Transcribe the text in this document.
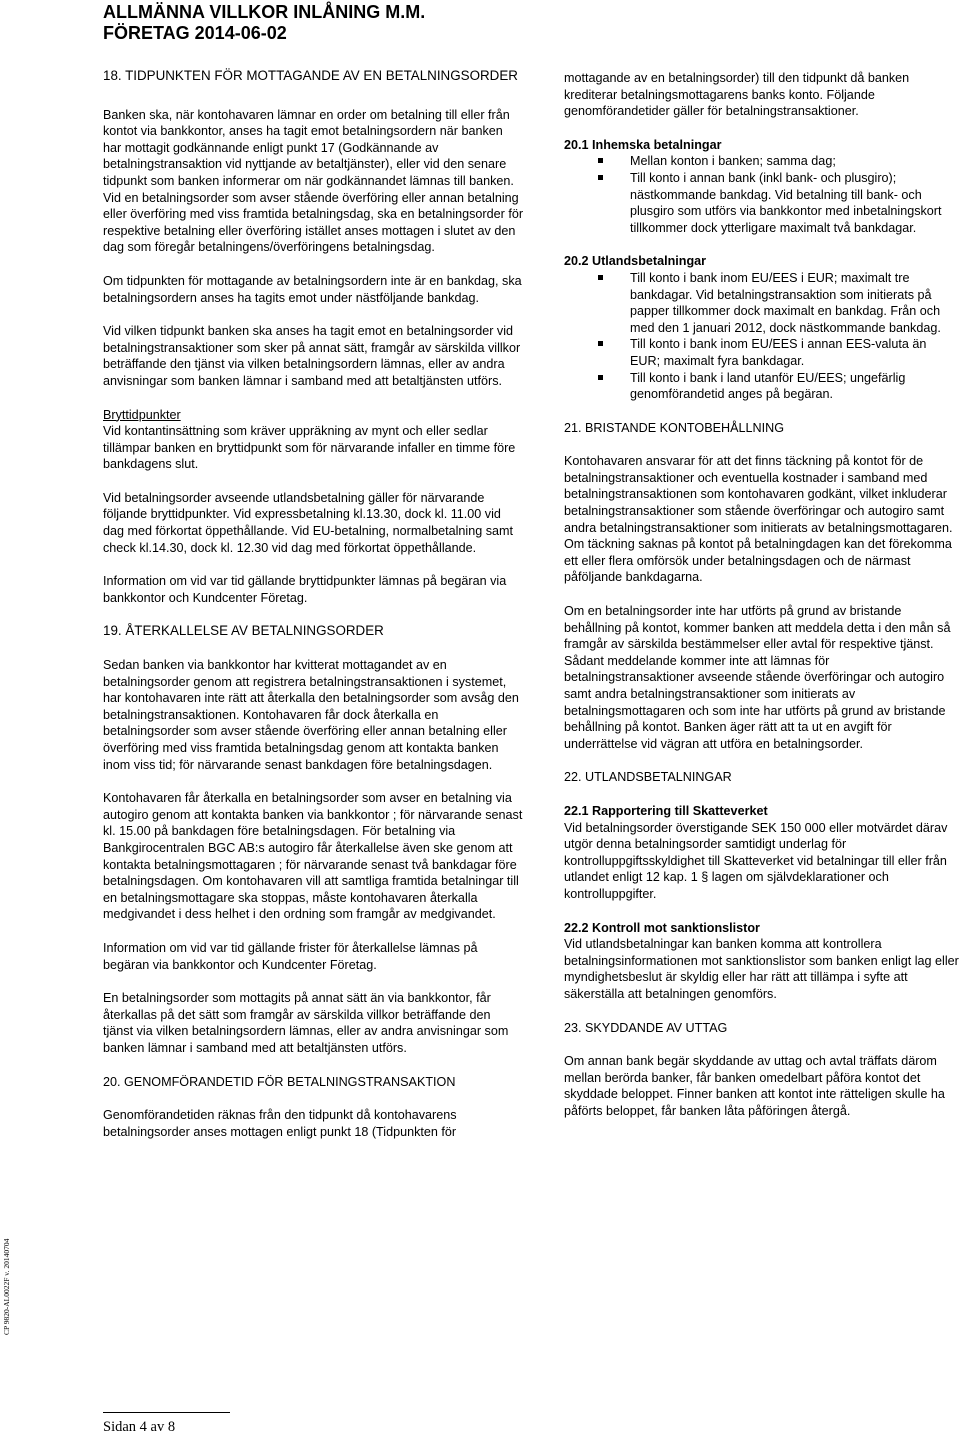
ALLMÄNNA VILLKOR INLÅNING M.M.
FÖRETAG 2014-06-02

18. TIDPUNKTEN FÖR MOTTAGANDE AV EN BETALNINGSORDER

Banken ska, när kontohavaren lämnar en order om betalning till eller från kontot via bankkontor, anses ha tagit emot betalningsordern när banken har mottagit godkännande enligt punkt 17 (Godkännande av betalningstransaktion vid nyttjande av betaltjänster), eller vid den senare tidpunkt som banken informerar om när godkännandet lämnas till banken. Vid en betalningsorder som avser stående överföring eller annan betalning eller överföring med viss framtida betalningsdag, ska en betalningsorder för respektive betalning eller överföring istället anses mottagen i slutet av den dag som föregår betalningens/överföringens betalningsdag.

Om tidpunkten för mottagande av betalningsordern inte är en bankdag, ska betalningsordern anses ha tagits emot under nästföljande bankdag.

Vid vilken tidpunkt banken ska anses ha tagit emot en betalningsorder vid betalningstransaktioner som sker på annat sätt, framgår av särskilda villkor beträffande den tjänst via vilken betalningsordern lämnas, eller av andra anvisningar som banken lämnar i samband med att betaltjänsten utförs.

Bryttidpunkter

Vid kontantinsättning som kräver uppräkning av mynt och eller sedlar tillämpar banken en bryttidpunkt som för närvarande infaller en timme före bankdagens slut.

Vid betalningsorder avseende utlandsbetalning gäller för närvarande följande bryttidpunkter. Vid expressbetalning kl.13.30, dock kl. 11.00 vid dag med förkortat öppethållande. Vid EU-betalning, normalbetalning samt check kl.14.30, dock kl. 12.30 vid dag med förkortat öppethållande.

Information om vid var tid gällande bryttidpunkter lämnas på begäran via bankkontor och Kundcenter Företag.

19. ÅTERKALLELSE AV BETALNINGSORDER

Sedan banken via bankkontor har kvitterat mottagandet av en betalningsorder genom att registrera betalningstransaktionen i systemet, har kontohavaren inte rätt att återkalla den betalningsorder som avsåg den betalningstransaktionen. Kontohavaren får dock återkalla en betalningsorder som avser stående överföring eller annan betalning eller överföring med viss framtida betalningsdag genom att kontakta banken inom viss tid; för närvarande senast bankdagen före betalningsdagen.

Kontohavaren får återkalla en betalningsorder som avser en betalning via autogiro genom att kontakta banken via bankkontor ; för närvarande senast kl. 15.00 på bankdagen före betalningsdagen. För betalning via Bankgirocentralen BGC AB:s autogiro får återkallelse även ske genom att kontakta betalningsmottagaren ; för närvarande senast två bankdagar före betalningsdagen. Om kontohavaren vill att samtliga framtida betalningar till en betalningsmottagare ska stoppas, måste kontohavaren återkalla medgivandet i dess helhet i den ordning som framgår av medgivandet.

Information om vid var tid gällande frister för återkallelse lämnas på begäran via bankkontor och Kundcenter Företag.

En betalningsorder som mottagits på annat sätt än via bankkontor, får återkallas på det sätt som framgår av särskilda villkor beträffande den tjänst via vilken betalningsordern lämnas, eller av andra anvisningar som banken lämnar i samband med att betaltjänsten utförs.

20. GENOMFÖRANDETID FÖR BETALNINGSTRANSAKTION

Genomförandetiden räknas från den tidpunkt då kontohavarens betalningsorder anses mottagen enligt punkt 18 (Tidpunkten för

mottagande av en betalningsorder) till den tidpunkt då banken krediterar betalningsmottagarens banks konto. Följande genomförandetider gäller för betalningstransaktioner.

20.1 Inhemska betalningar
Mellan konton i banken; samma dag;
Till konto i annan bank (inkl bank- och plusgiro); nästkommande bankdag. Vid betalning till bank- och plusgiro som utförs via bankkontor med inbetalningskort tillkommer dock ytterligare maximalt två bankdagar.
20.2 Utlandsbetalningar
Till konto i bank inom EU/EES i EUR; maximalt tre bankdagar. Vid betalningstransaktion som initierats på papper tillkommer dock maximalt en bankdag. Från och med den 1 januari 2012, dock nästkommande bankdag.
Till konto i bank inom EU/EES i annan EES-valuta än EUR; maximalt fyra bankdagar.
Till konto i bank i land utanför EU/EES; ungefärlig genomförandetid anges på begäran.

21. BRISTANDE KONTOBEHÅLLNING

Kontohavaren ansvarar för att det finns täckning på kontot för de betalningstransaktioner och eventuella kostnader i samband med betalningstransaktionen som kontohavaren godkänt, vilket inkluderar betalningstransaktioner som stående överföringar och autogiro samt andra betalningstransaktioner som initierats av betalningsmottagaren. Om täckning saknas på kontot på betalningdagen kan det förekomma ett eller flera omförsök under betalningsdagen och de närmast påföljande bankdagarna.

Om en betalningsorder inte har utförts på grund av bristande behållning på kontot, kommer banken att meddela detta i den mån så framgår av särskilda bestämmelser eller avtal för respektive tjänst. Sådant meddelande kommer inte att lämnas för betalningstransaktioner avseende stående överföringar och autogiro samt andra betalningstransaktioner som initierats av betalningsmottagaren och som inte har utförts på grund av bristande behållning på kontot. Banken äger rätt att ta ut en avgift för underrättelse vid vägran att utföra en betalningsorder.

22. UTLANDSBETALNINGAR

22.1 Rapportering till Skatteverket

Vid betalningsorder överstigande SEK 150 000 eller motvärdet därav utgör denna betalningsorder samtidigt underlag för kontrolluppgiftsskyldighet till Skatteverket vid betalningar till eller från utlandet enligt 12 kap. 1 § lagen om självdeklarationer och kontrolluppgifter.

22.2 Kontroll mot sanktionslistor

Vid utlandsbetalningar kan banken komma att kontrollera betalningsinformationen mot sanktionslistor som banken enligt lag eller myndighetsbeslut är skyldig eller har rätt att tillämpa i syfte att säkerställa att betalningen genomförs.

23. SKYDDANDE AV UTTAG

Om annan bank begär skyddande av uttag och avtal träffats därom mellan berörda banker, får banken omedelbart påföra kontot det skyddade beloppet. Finner banken att kontot inte rätteligen skulle ha påförts beloppet, får banken låta påföringen återgå.

CP 9820-AL0022F v. 20140704
Sidan 4 av 8
